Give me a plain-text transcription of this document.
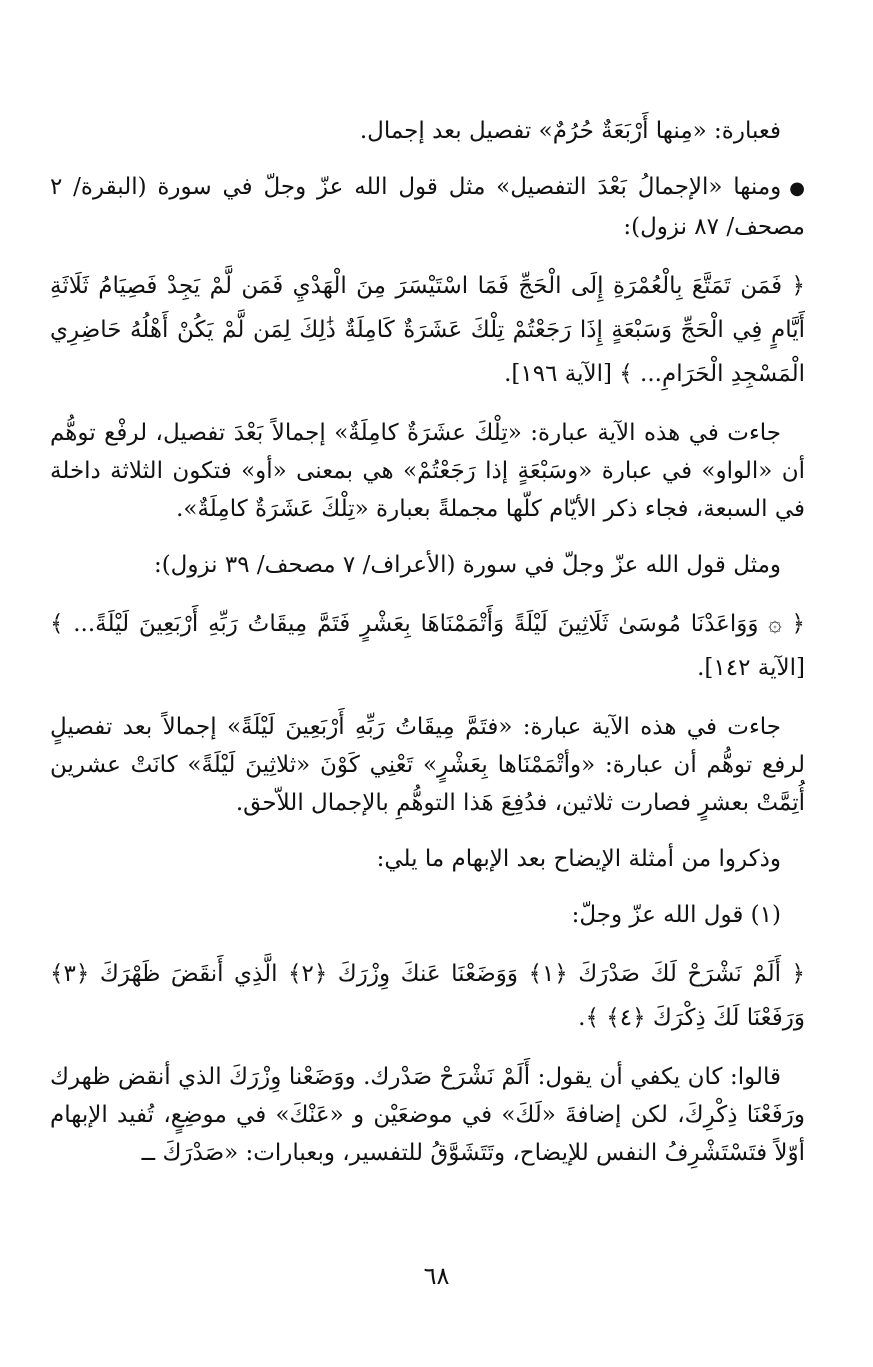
فعبارة: «مِنها أَرْبَعَةٌ حُرُمٌ» تفصيل بعد إجمال.

●ومنها «الإجمالُ بَعْدَ التفصيل» مثل قول الله عزّ وجلّ في سورة (البقرة/ ٢ مصحف/ ٨٧ نزول):

﴿ فَمَن تَمَتَّعَ بِالْعُمْرَةِ إِلَى الْحَجِّ فَمَا اسْتَيْسَرَ مِنَ الْهَدْيِ فَمَن لَّمْ يَجِدْ فَصِيَامُ ثَلَاثَةِ أَيَّامٍ فِي الْحَجِّ وَسَبْعَةٍ إِذَا رَجَعْتُمْ تِلْكَ عَشَرَةٌ كَامِلَةٌ ذَٰلِكَ لِمَن لَّمْ يَكُنْ أَهْلُهُ حَاضِرِي الْمَسْجِدِ الْحَرَامِ... ﴾ [الآية ١٩٦].

جاءت في هذه الآية عبارة: «تِلْكَ عشَرَةٌ كامِلَةٌ» إجمالاً بَعْدَ تفصيل، لرفْع توهُّم أن «الواو» في عبارة «وسَبْعَةٍ إذا رَجَعْتُمْ» هي بمعنى «أو» فتكون الثلاثة داخلة في السبعة، فجاء ذكر الأيّام كلّها مجملةً بعبارة «تِلْكَ عَشَرَةٌ كامِلَةٌ».

ومثل قول الله عزّ وجلّ في سورة (الأعراف/ ٧ مصحف/ ٣٩ نزول):

﴿ ۞ وَوَاعَدْنَا مُوسَىٰ ثَلَاثِينَ لَيْلَةً وَأَتْمَمْنَاهَا بِعَشْرٍ فَتَمَّ مِيقَاتُ رَبِّهِ أَرْبَعِينَ لَيْلَةً... ﴾ [الآية ١٤٢].

جاءت في هذه الآية عبارة: «فتَمَّ مِيقَاتُ رَبِّهِ أَرْبَعِينَ لَيْلَةً» إجمالاً بعد تفصيلٍ لرفع توهُّم أن عبارة: «وأتْمَمْنَاها بِعَشْرٍ» تَعْنِي كَوْنَ «ثلاثِينَ لَيْلَةً» كانَتْ عشرين أُتِمَّتْ بعشرٍ فصارت ثلاثين، فدُفِعَ هَذا التوهُّمِ بالإجمال اللاّحق.

وذكروا من أمثلة الإيضاح بعد الإبهام ما يلي:

(١) قول الله عزّ وجلّ:

﴿ أَلَمْ نَشْرَحْ لَكَ صَدْرَكَ ﴿١﴾ وَوَضَعْنَا عَنكَ وِزْرَكَ ﴿٢﴾ الَّذِي أَنقَضَ ظَهْرَكَ ﴿٣﴾ وَرَفَعْنَا لَكَ ذِكْرَكَ ﴿٤﴾ ﴾.

قالوا: كان يكفي أن يقول: أَلَمْ نَشْرَحْ صَدْرك. ووَضَعْنا وِزْرَكَ الذي أنقض ظهرك ورَفَعْنَا ذِكْرِكَ، لكن إضافةَ «لَكَ» في موضعَيْن و «عَنْكَ» في موضِعٍ، تُفيد الإبهام أوّلاً فتَسْتَشْرِفُ النفس للإيضاح، وتَتَشَوَّقُ للتفسير، وبعبارات: «صَدْرَكَ ــ

٦٨
